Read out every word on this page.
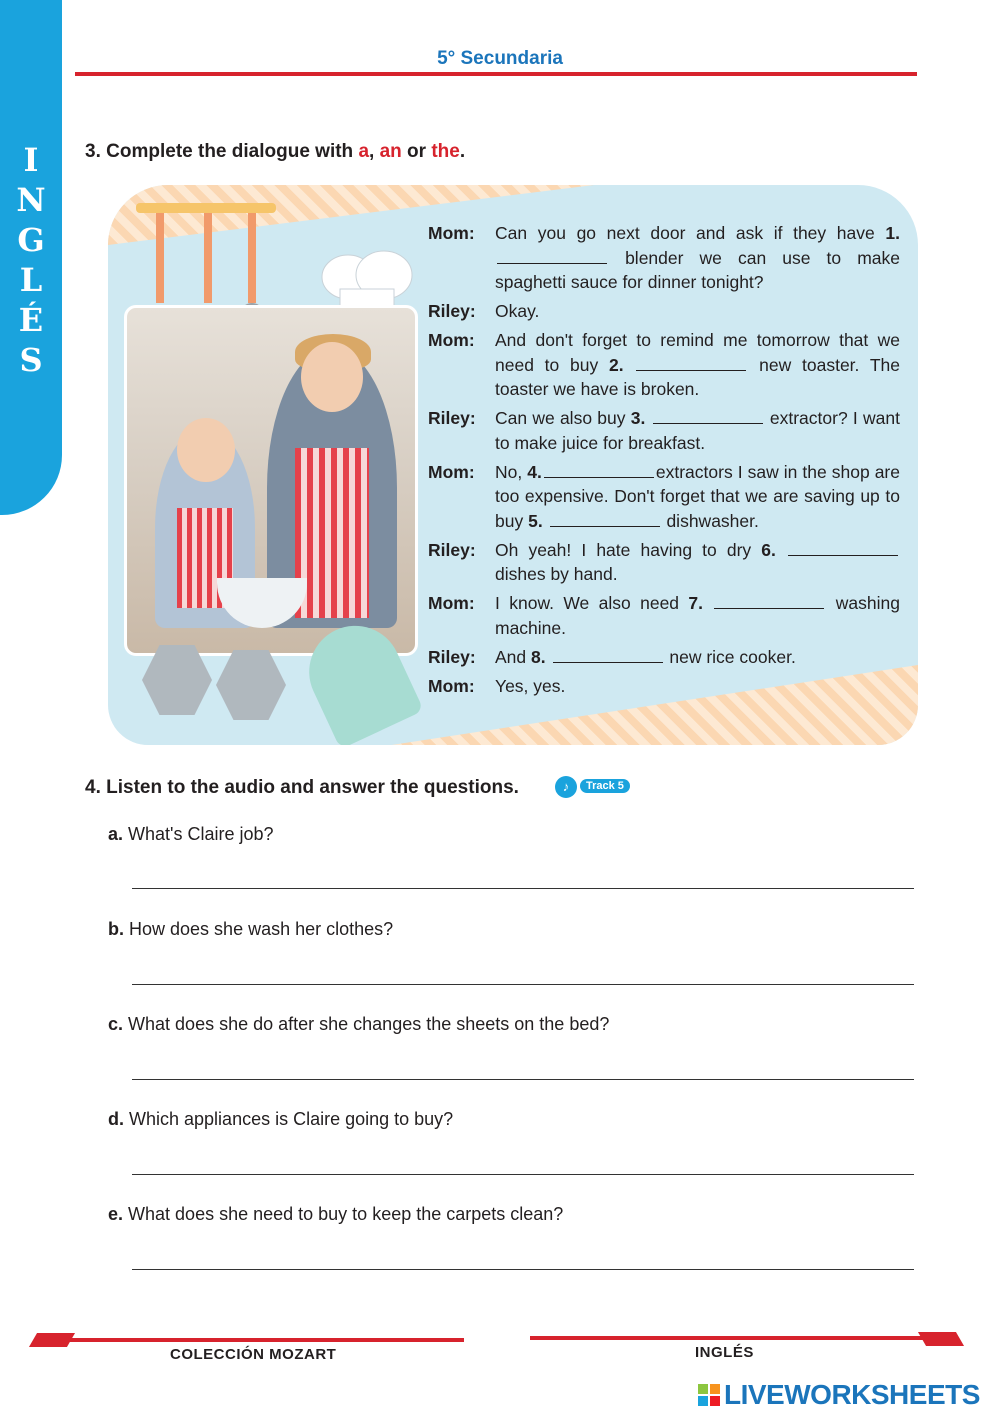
I
N
G
L
É
S
5° Secundaria
3. Complete the dialogue with a, an or the.
Mom:	Can you go next door and ask if they have 1.  blender we can use to make spaghetti sauce for dinner tonight?
Riley:	Okay.
Mom:	And don't forget to remind me tomorrow that we need to buy 2.	new toaster. The toaster we have is broken.
Riley:	Can we also buy 3.	extractor? I want to make juice for breakfast.
Mom:	No, 4.	extractors I saw in the shop are too expensive. Don't forget that we are saving up to buy 5.	dishwasher.
Riley:	Oh yeah! I hate having to dry 6.  dishes by hand.
Mom:	I know. We also need 7.	washing machine.
Riley:	And 8.	new rice cooker.
Mom:	Yes, yes.
4. Listen to the audio and answer the questions.	♪	Track 5
a. What's Claire job?
b. How does she wash her clothes?
c. What does she do after she changes the sheets on the bed?
d. Which appliances is Claire going to buy?
e. What does she need to buy to keep the carpets clean?
COLECCIÓN MOZART	INGLÉS
LIVEWORKSHEETS
